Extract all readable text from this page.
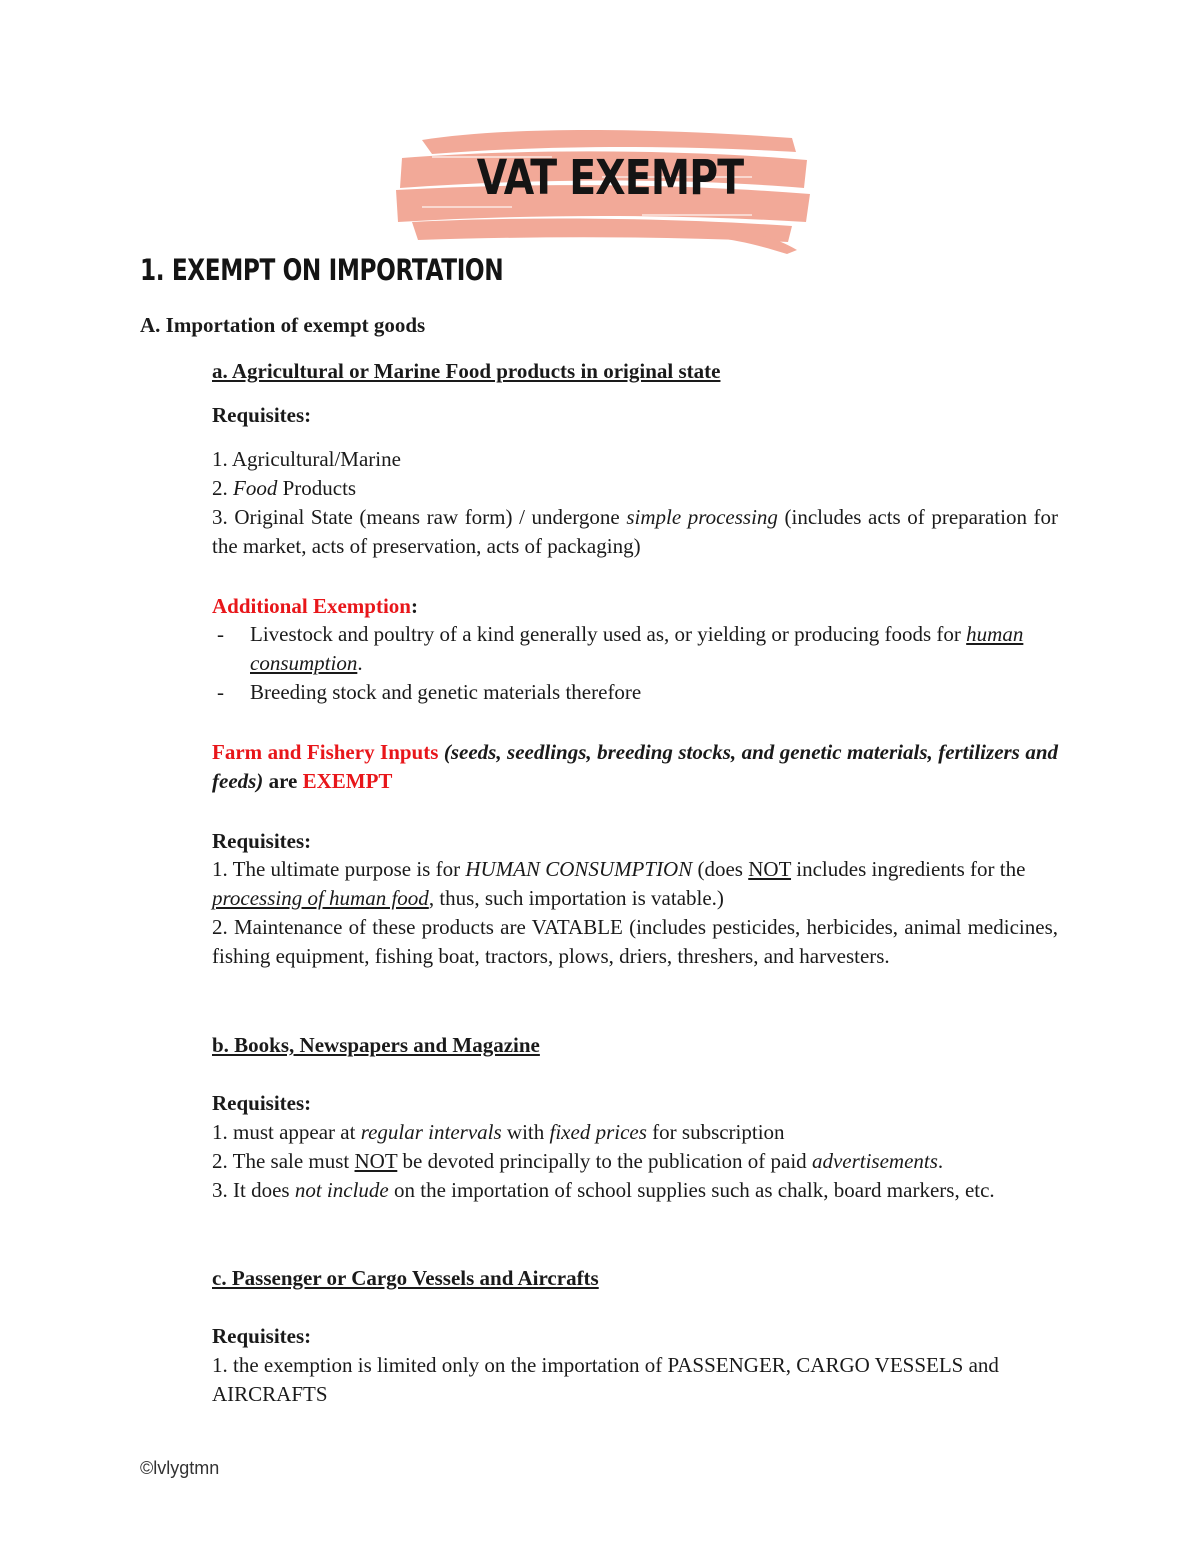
VAT EXEMPT
1. EXEMPT ON IMPORTATION
A. Importation of exempt goods
a. Agricultural or Marine Food products in original state
Requisites:
1. Agricultural/Marine
2. Food Products
3. Original State (means raw form) / undergone simple processing (includes acts of preparation for the market, acts of preservation, acts of packaging)
Additional Exemption:
- Livestock and poultry of a kind generally used as, or yielding or producing foods for human consumption.
- Breeding stock and genetic materials therefore
Farm and Fishery Inputs (seeds, seedlings, breeding stocks, and genetic materials, fertilizers and feeds) are EXEMPT
Requisites:
1. The ultimate purpose is for HUMAN CONSUMPTION (does NOT includes ingredients for the processing of human food, thus, such importation is vatable.)
2. Maintenance of these products are VATABLE (includes pesticides, herbicides, animal medicines, fishing equipment, fishing boat, tractors, plows, driers, threshers, and harvesters.
b. Books, Newspapers and Magazine
Requisites:
1. must appear at regular intervals with fixed prices for subscription
2. The sale must NOT be devoted principally to the publication of paid advertisements.
3. It does not include on the importation of school supplies such as chalk, board markers, etc.
c. Passenger or Cargo Vessels and Aircrafts
Requisites:
1. the exemption is limited only on the importation of PASSENGER, CARGO VESSELS and AIRCRAFTS
©lvlygtmn
